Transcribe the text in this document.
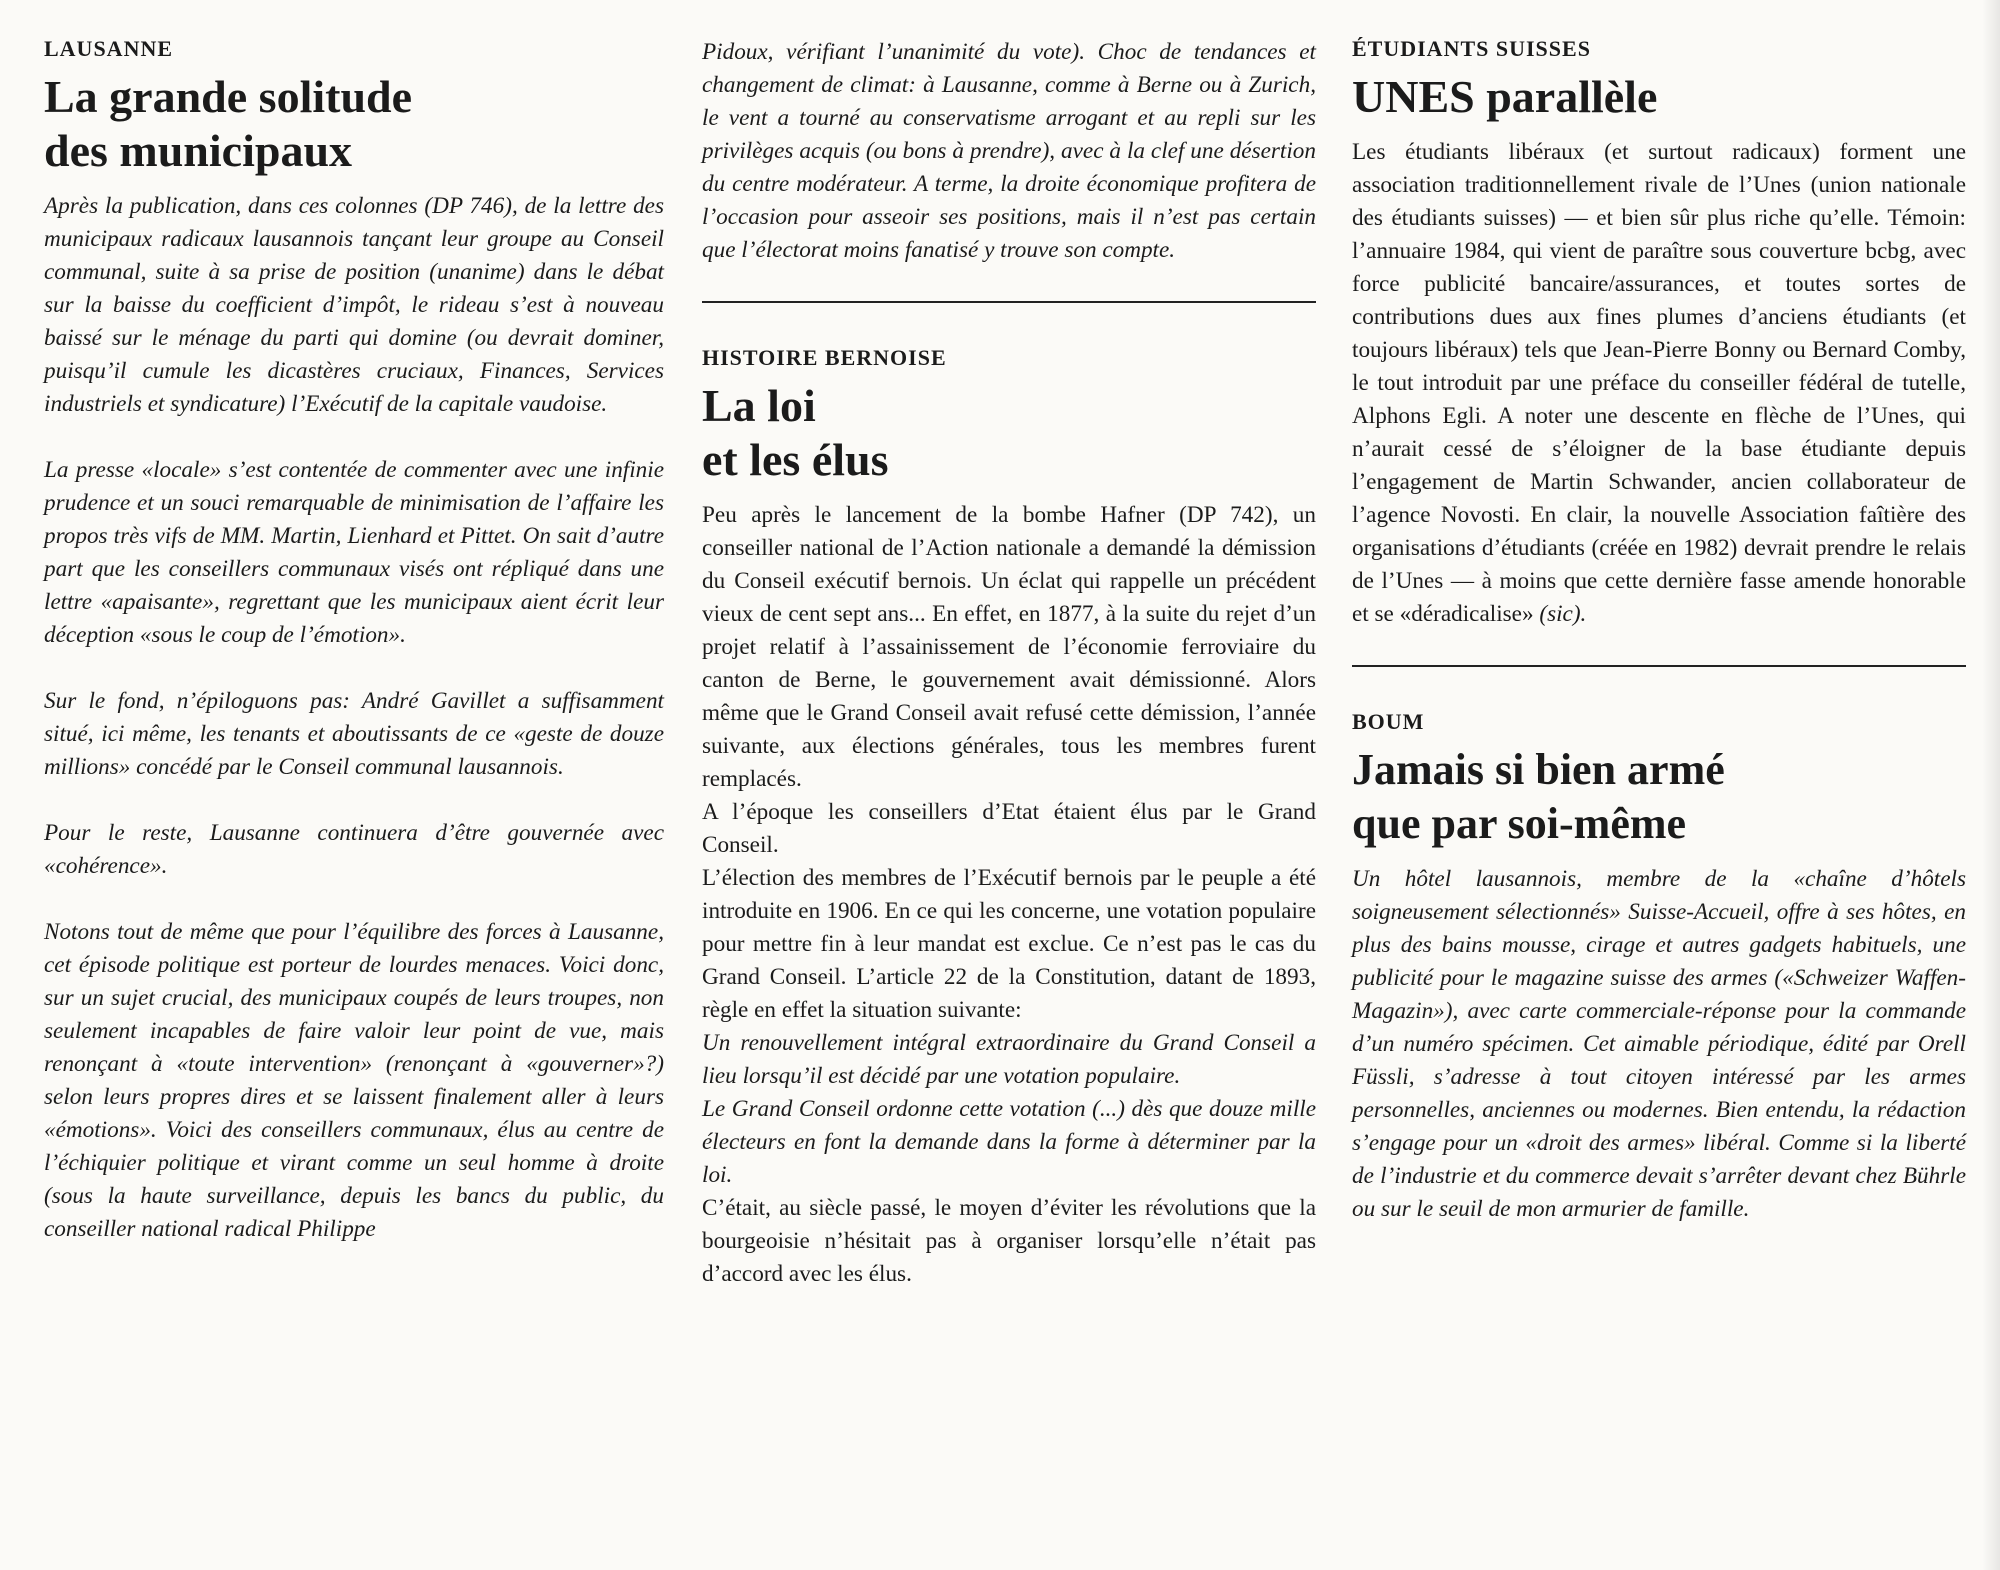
LAUSANNE
La grande solitude
des municipaux

Après la publication, dans ces colonnes (DP 746), de la lettre des municipaux radicaux lausannois tançant leur groupe au Conseil communal, suite à sa prise de position (unanime) dans le débat sur la baisse du coefficient d’impôt, le rideau s’est à nouveau baissé sur le ménage du parti qui domine (ou devrait dominer, puisqu’il cumule les dicastères cruciaux, Finances, Services industriels et syndicature) l’Exécutif de la capitale vaudoise.

La presse «locale» s’est contentée de commenter avec une infinie prudence et un souci remarquable de minimisation de l’affaire les propos très vifs de MM. Martin, Lienhard et Pittet. On sait d’autre part que les conseillers communaux visés ont répliqué dans une lettre «apaisante», regrettant que les municipaux aient écrit leur déception «sous le coup de l’émotion».

Sur le fond, n’épiloguons pas: André Gavillet a suffisamment situé, ici même, les tenants et aboutissants de ce «geste de douze millions» concédé par le Conseil communal lausannois.

Pour le reste, Lausanne continuera d’être gouvernée avec «cohérence».

Notons tout de même que pour l’équilibre des forces à Lausanne, cet épisode politique est porteur de lourdes menaces. Voici donc, sur un sujet crucial, des municipaux coupés de leurs troupes, non seulement incapables de faire valoir leur point de vue, mais renonçant à «toute intervention» (renonçant à «gouverner»?) selon leurs propres dires et se laissent finalement aller à leurs «émotions». Voici des conseillers communaux, élus au centre de l’échiquier politique et virant comme un seul homme à droite (sous la haute surveillance, depuis les bancs du public, du conseiller national radical Philippe

Pidoux, vérifiant l’unanimité du vote). Choc de tendances et changement de climat: à Lausanne, comme à Berne ou à Zurich, le vent a tourné au conservatisme arrogant et au repli sur les privilèges acquis (ou bons à prendre), avec à la clef une désertion du centre modérateur. A terme, la droite économique profitera de l’occasion pour asseoir ses positions, mais il n’est pas certain que l’électorat moins fanatisé y trouve son compte.

HISTOIRE BERNOISE
La loi
et les élus

Peu après le lancement de la bombe Hafner (DP 742), un conseiller national de l’Action nationale a demandé la démission du Conseil exécutif bernois. Un éclat qui rappelle un précédent vieux de cent sept ans... En effet, en 1877, à la suite du rejet d’un projet relatif à l’assainissement de l’économie ferroviaire du canton de Berne, le gouvernement avait démissionné. Alors même que le Grand Conseil avait refusé cette démission, l’année suivante, aux élections générales, tous les membres furent remplacés.

A l’époque les conseillers d’Etat étaient élus par le Grand Conseil.

L’élection des membres de l’Exécutif bernois par le peuple a été introduite en 1906. En ce qui les concerne, une votation populaire pour mettre fin à leur mandat est exclue. Ce n’est pas le cas du Grand Conseil. L’article 22 de la Constitution, datant de 1893, règle en effet la situation suivante:

Un renouvellement intégral extraordinaire du Grand Conseil a lieu lorsqu’il est décidé par une votation populaire.

Le Grand Conseil ordonne cette votation (...) dès que douze mille électeurs en font la demande dans la forme à déterminer par la loi.

C’était, au siècle passé, le moyen d’éviter les révolutions que la bourgeoisie n’hésitait pas à organiser lorsqu’elle n’était pas d’accord avec les élus.

ÉTUDIANTS SUISSES
UNES parallèle

Les étudiants libéraux (et surtout radicaux) forment une association traditionnellement rivale de l’Unes (union nationale des étudiants suisses) — et bien sûr plus riche qu’elle. Témoin: l’annuaire 1984, qui vient de paraître sous couverture bcbg, avec force publicité bancaire/assurances, et toutes sortes de contributions dues aux fines plumes d’anciens étudiants (et toujours libéraux) tels que Jean-Pierre Bonny ou Bernard Comby, le tout introduit par une préface du conseiller fédéral de tutelle, Alphons Egli. A noter une descente en flèche de l’Unes, qui n’aurait cessé de s’éloigner de la base étudiante depuis l’engagement de Martin Schwander, ancien collaborateur de l’agence Novosti. En clair, la nouvelle Association faîtière des organisations d’étudiants (créée en 1982) devrait prendre le relais de l’Unes — à moins que cette dernière fasse amende honorable et se «déradicalise» (sic).

BOUM
Jamais si bien armé
que par soi-même

Un hôtel lausannois, membre de la «chaîne d’hôtels soigneusement sélectionnés» Suisse-Accueil, offre à ses hôtes, en plus des bains mousse, cirage et autres gadgets habituels, une publicité pour le magazine suisse des armes («Schweizer Waffen-Magazin»), avec carte commerciale-réponse pour la commande d’un numéro spécimen. Cet aimable périodique, édité par Orell Füssli, s’adresse à tout citoyen intéressé par les armes personnelles, anciennes ou modernes. Bien entendu, la rédaction s’engage pour un «droit des armes» libéral. Comme si la liberté de l’industrie et du commerce devait s’arrêter devant chez Bührle ou sur le seuil de mon armurier de famille.
